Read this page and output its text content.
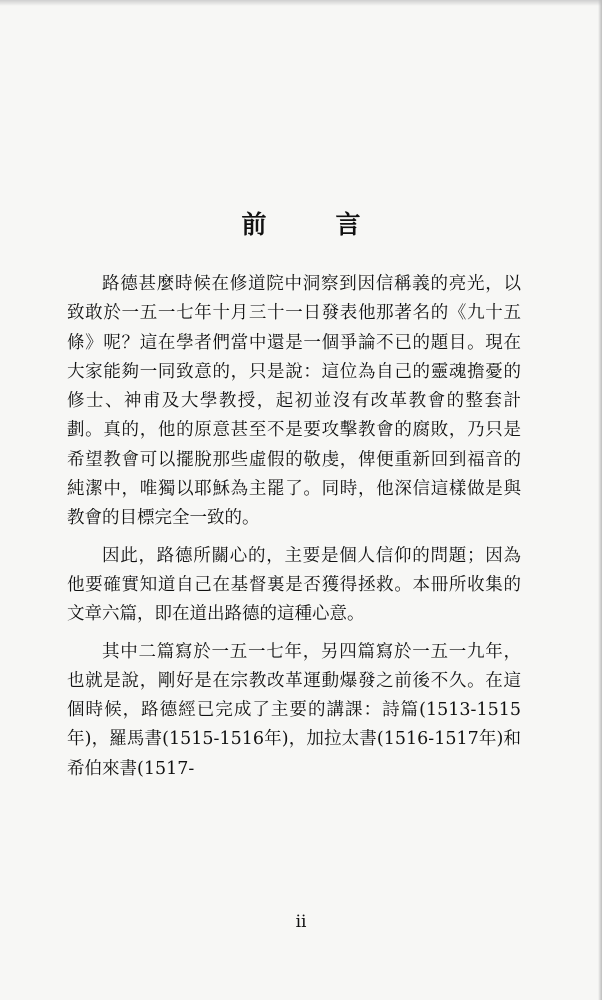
前　言

路德甚麼時候在修道院中洞察到因信稱義的亮光，以致敢於一五一七年十月三十一日發表他那著名的《九十五條》呢？這在學者們當中還是一個爭論不已的題目。現在大家能夠一同致意的，只是說：這位為自己的靈魂擔憂的修士、神甫及大學教授，起初並沒有改革教會的整套計劃。真的，他的原意甚至不是要攻擊教會的腐敗，乃只是希望教會可以擺脫那些虛假的敬虔，俾便重新回到福音的純潔中，唯獨以耶穌為主罷了。同時，他深信這樣做是與教會的目標完全一致的。

因此，路德所關心的，主要是個人信仰的問題；因為他要確實知道自己在基督裏是否獲得拯救。本冊所收集的文章六篇，即在道出路德的這種心意。

其中二篇寫於一五一七年，另四篇寫於一五一九年，也就是說，剛好是在宗教改革運動爆發之前後不久。在這個時候，路德經已完成了主要的講課：詩篇(1513-1515年)，羅馬書(1515-1516年)，加拉太書(1516-1517年)和希伯來書(1517-

ii
